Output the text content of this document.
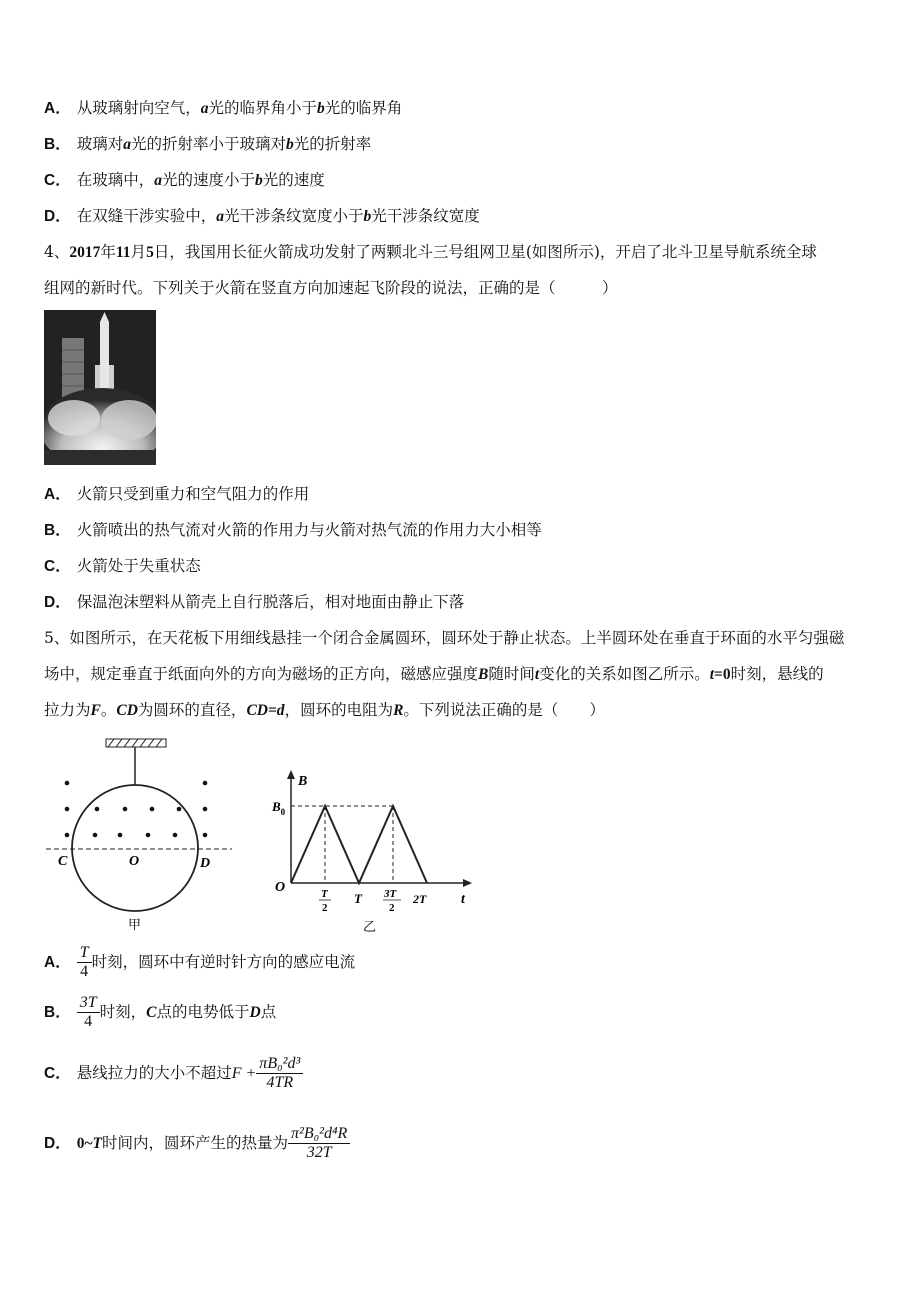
A． 从玻璃射向空气，a光的临界角小于b光的临界角
B． 玻璃对a光的折射率小于玻璃对b光的折射率
C． 在玻璃中，a光的速度小于b光的速度
D． 在双缝干涉实验中，a光干涉条纹宽度小于b光干涉条纹宽度
4、2017年11月5日，我国用长征火箭成功发射了两颗北斗三号组网卫星(如图所示)，开启了北斗卫星导航系统全球
组网的新时代。下列关于火箭在竖直方向加速起飞阶段的说法，正确的是（　　　）
A． 火箭只受到重力和空气阻力的作用
B． 火箭喷出的热气流对火箭的作用力与火箭对热气流的作用力大小相等
C． 火箭处于失重状态
D． 保温泡沫塑料从箭壳上自行脱落后，相对地面由静止下落
5、如图所示，在天花板下用细线悬挂一个闭合金属圆环，圆环处于静止状态。上半圆环处在垂直于环面的水平匀强磁
场中，规定垂直于纸面向外的方向为磁场的正方向，磁感应强度B随时间t变化的关系如图乙所示。t=0时刻，悬线的
拉力为F。CD为圆环的直径，CD=d，圆环的电阻为R。下列说法正确的是（　　）
C	O	D
甲
B
$B_0$
O
t
T
2
T 3T
2
2T
乙
A． $\frac{T}{4}$ 时刻，圆环中有逆时针方向的感应电流
B． $\frac{3T}{4}$ 时刻，C点的电势低于D点
C． 悬线拉力的大小不超过$F + \frac{\text{πB₀²d³}}{4TR}$
D． 0~T时间内，圆环产生的热量为 $\frac{\text{π²B₀²d⁴R}}{32T}$
